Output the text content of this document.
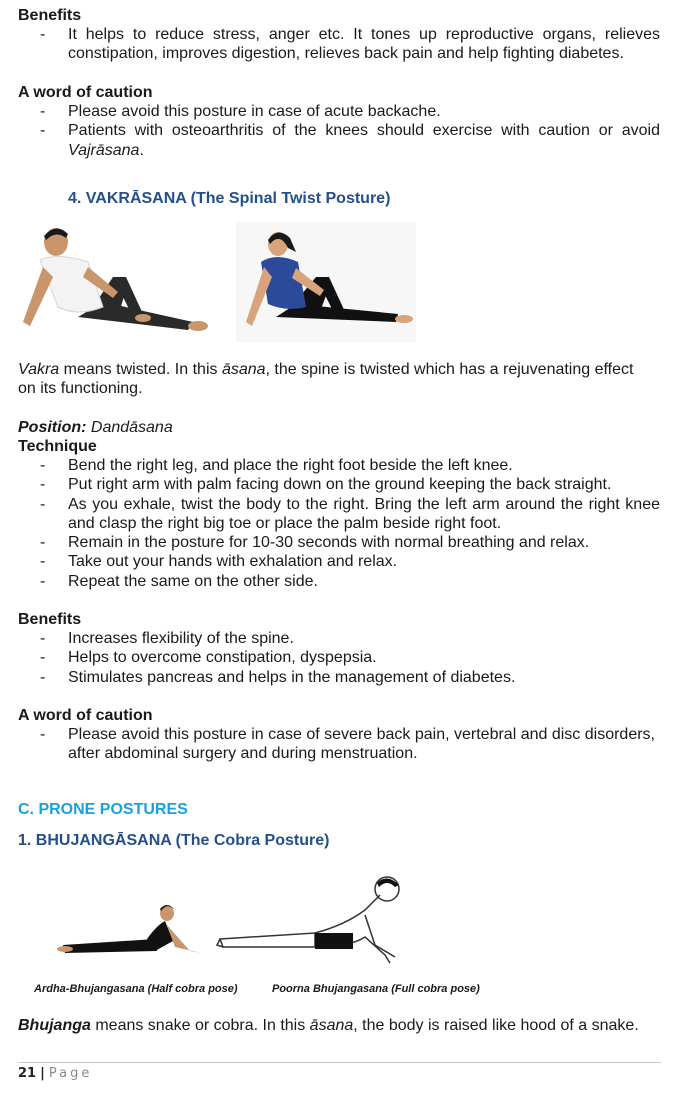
Benefits
- It helps to reduce stress, anger etc. It tones up reproductive organs, relieves constipation, improves digestion, relieves back pain and help fighting diabetes.
A word of caution
- Please avoid this posture in case of acute backache.
- Patients with osteoarthritis of the knees should exercise with caution or avoid Vajrāsana.
4. VAKRĀSANA (The Spinal Twist Posture)
Vakra means twisted. In this āsana, the spine is twisted which has a rejuvenating effect on its functioning.
Position: Dandāsana
Technique
- Bend the right leg, and place the right foot beside the left knee.
- Put right arm with palm facing down on the ground keeping the back straight.
- As you exhale, twist the body to the right. Bring the left arm around the right knee and clasp the right big toe or place the palm beside right foot.
- Remain in the posture for 10-30 seconds with normal breathing and relax.
- Take out your hands with exhalation and relax.
- Repeat the same on the other side.
Benefits
- Increases flexibility of the spine.
- Helps to overcome constipation, dyspepsia.
- Stimulates pancreas and helps in the management of diabetes.
A word of caution
- Please avoid this posture in case of severe back pain, vertebral and disc disorders, after abdominal surgery and during menstruation.
C. PRONE POSTURES
1. BHUJANGĀSANA (The Cobra Posture)
Ardha-Bhujangasana (Half cobra pose)	Poorna Bhujangasana (Full cobra pose)
Bhujanga means snake or cobra. In this āsana, the body is raised like hood of a snake.
21 | Page
